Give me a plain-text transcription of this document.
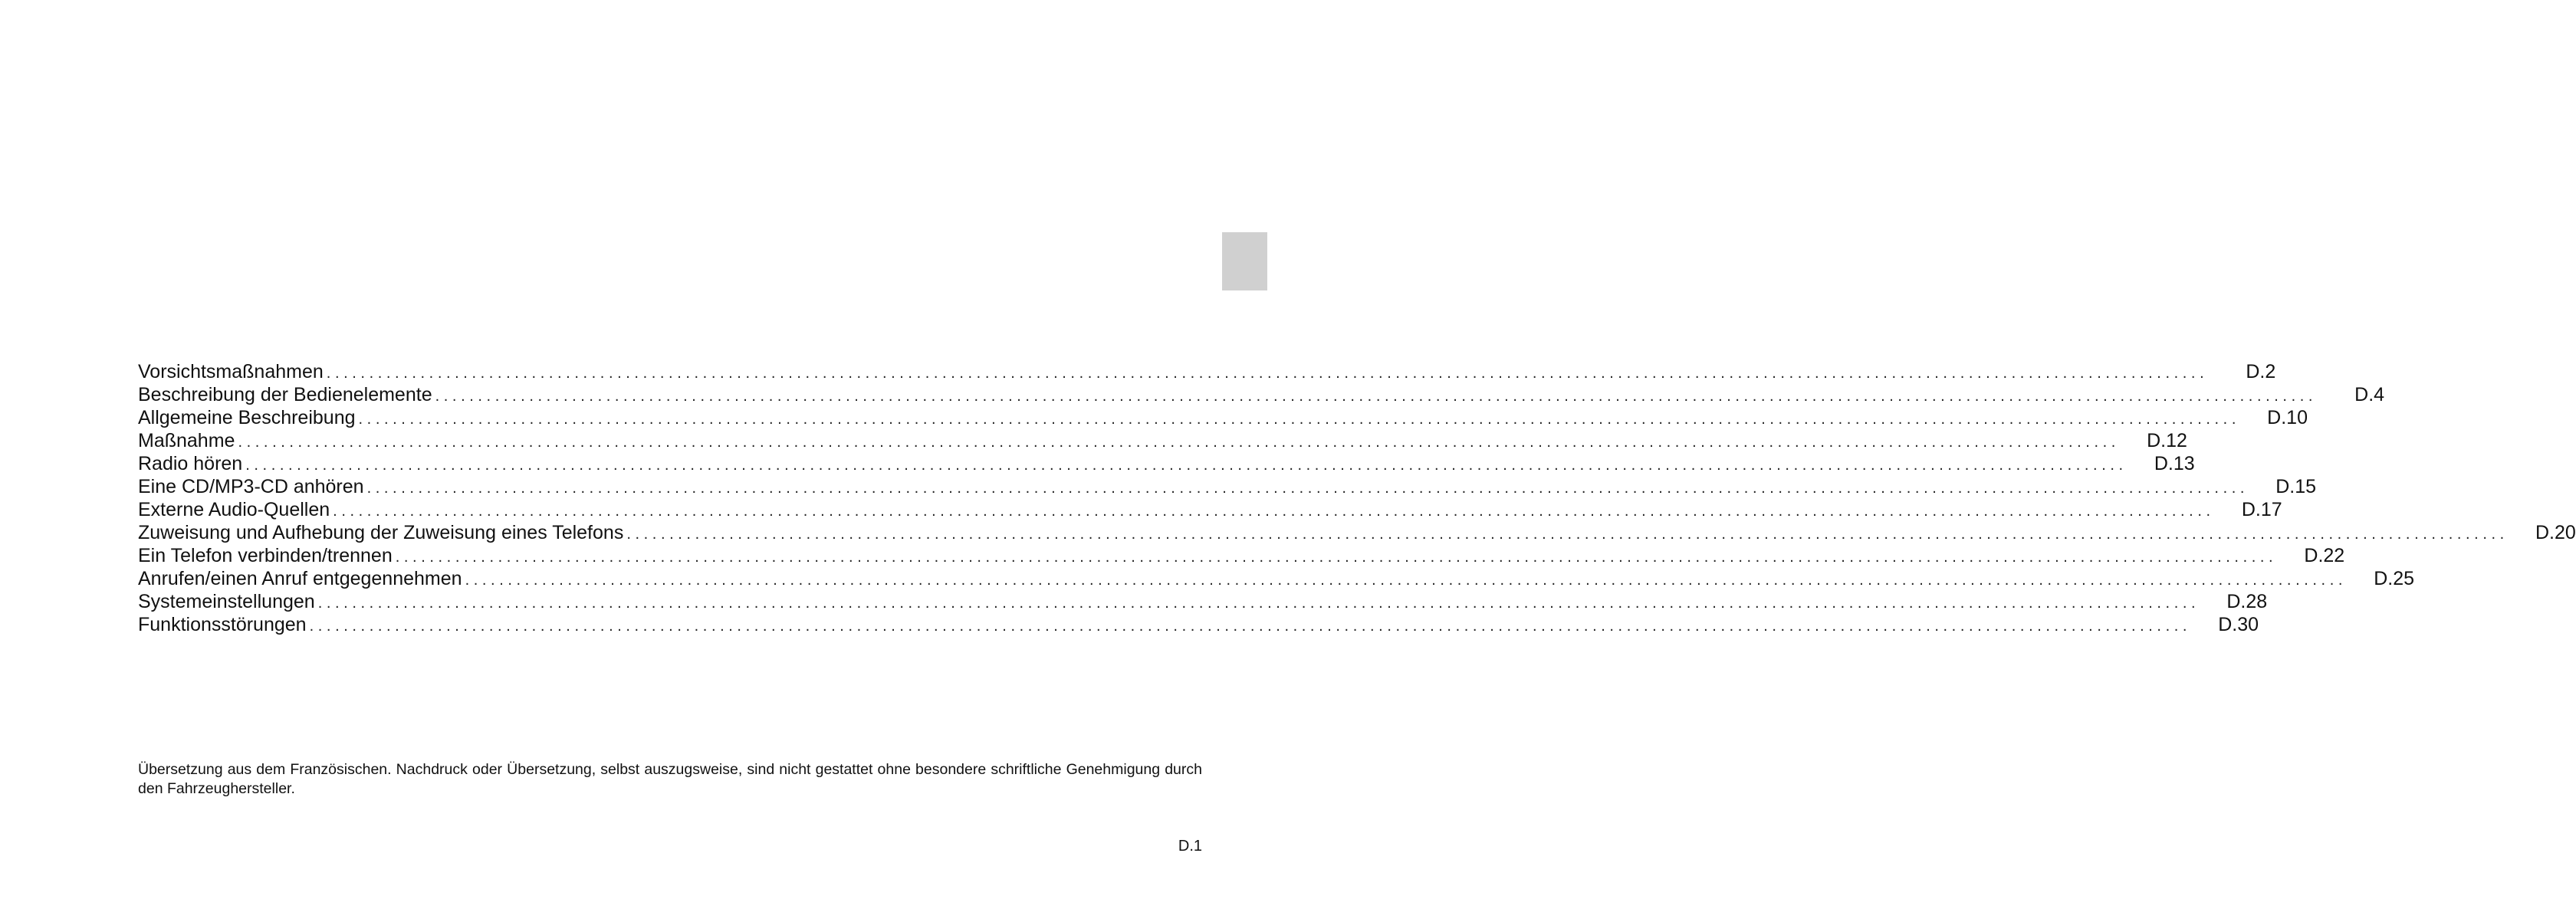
Vorsichtsmaßnahmen ............................................................................................................................................................................................................................	D.2
Beschreibung der Bedienelemente ............................................................................................................................................................................................................................	D.4
Allgemeine Beschreibung ............................................................................................................................................................................................................................	D.10
Maßnahme ............................................................................................................................................................................................................................	D.12
Radio hören ............................................................................................................................................................................................................................	D.13
Eine CD/MP3-CD anhören ............................................................................................................................................................................................................................	D.15
Externe Audio-Quellen ............................................................................................................................................................................................................................	D.17
Zuweisung und Aufhebung der Zuweisung eines Telefons ............................................................................................................................................................................................................................	D.20
Ein Telefon verbinden/trennen ............................................................................................................................................................................................................................	D.22
Anrufen/einen Anruf entgegennehmen ............................................................................................................................................................................................................................	D.25
Systemeinstellungen ............................................................................................................................................................................................................................	D.28
Funktionsstörungen ............................................................................................................................................................................................................................	D.30
Übersetzung aus dem Französischen. Nachdruck oder Übersetzung, selbst auszugsweise, sind nicht gestattet ohne besondere schriftliche Genehmigung durch den Fahrzeughersteller.
D.1
